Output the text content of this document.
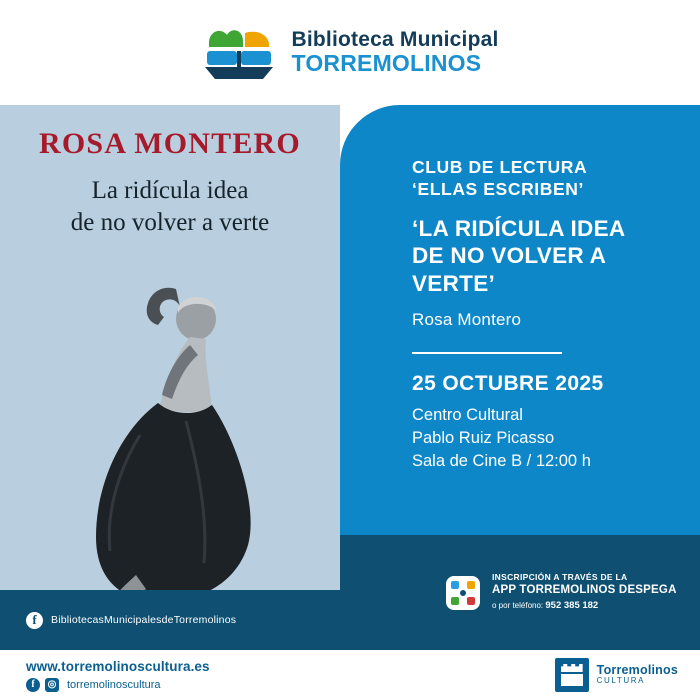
Biblioteca Municipal
TORREMOLINOS
ROSA MONTERO
La ridícula idea
de no volver a verte
f	BibliotecasMunicipalesdeTorremolinos
CLUB DE LECTURA
‘ELLAS ESCRIBEN’
‘LA RIDÍCULA IDEA
DE NO VOLVER A
VERTE’
Rosa Montero
25 OCTUBRE 2025
Centro Cultural
Pablo Ruiz Picasso
Sala de Cine B / 12:00 h
INSCRIPCIÓN A TRAVÉS DE LA
APP TORREMOLINOS DESPEGA
o por teléfono: 952 385 182
www.torremolinoscultura.es
f	◎ torremolinoscultura
Torremolinos
CULTURA
